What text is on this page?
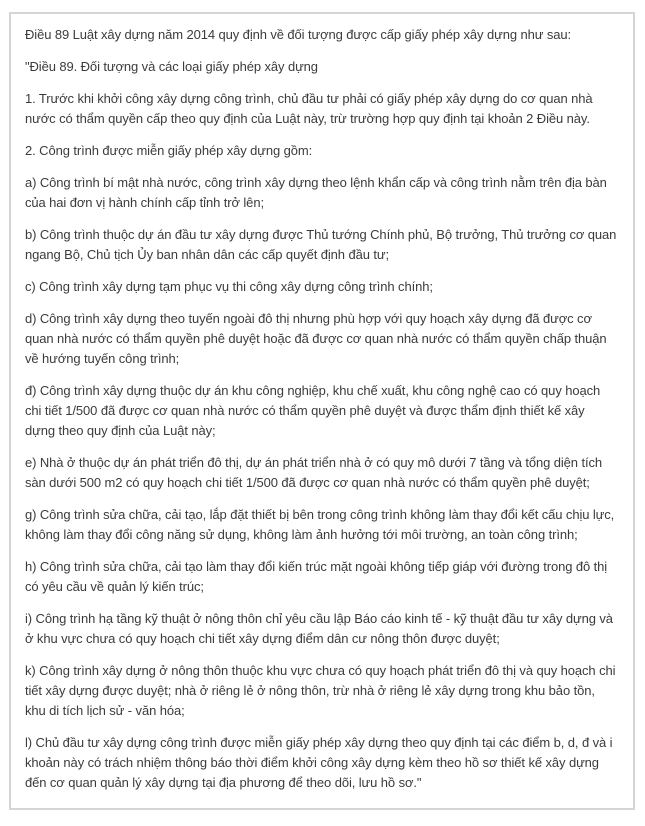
Điều 89 Luật xây dựng năm 2014 quy định về đối tượng được cấp giấy phép xây dựng như sau:

"Điều 89. Đối tượng và các loại giấy phép xây dựng

1. Trước khi khởi công xây dựng công trình, chủ đầu tư phải có giấy phép xây dựng do cơ quan nhà nước có thẩm quyền cấp theo quy định của Luật này, trừ trường hợp quy định tại khoản 2 Điều này.

2. Công trình được miễn giấy phép xây dựng gồm:

a) Công trình bí mật nhà nước, công trình xây dựng theo lệnh khẩn cấp và công trình nằm trên địa bàn của hai đơn vị hành chính cấp tỉnh trở lên;

b) Công trình thuộc dự án đầu tư xây dựng được Thủ tướng Chính phủ, Bộ trưởng, Thủ trưởng cơ quan ngang Bộ, Chủ tịch Ủy ban nhân dân các cấp quyết định đầu tư;

c) Công trình xây dựng tạm phục vụ thi công xây dựng công trình chính;

d) Công trình xây dựng theo tuyến ngoài đô thị nhưng phù hợp với quy hoạch xây dựng đã được cơ quan nhà nước có thẩm quyền phê duyệt hoặc đã được cơ quan nhà nước có thẩm quyền chấp thuận về hướng tuyến công trình;

đ) Công trình xây dựng thuộc dự án khu công nghiệp, khu chế xuất, khu công nghệ cao có quy hoạch chi tiết 1/500 đã được cơ quan nhà nước có thẩm quyền phê duyệt và được thẩm định thiết kế xây dựng theo quy định của Luật này;

e) Nhà ở thuộc dự án phát triển đô thị, dự án phát triển nhà ở có quy mô dưới 7 tầng và tổng diện tích sàn dưới 500 m2 có quy hoạch chi tiết 1/500 đã được cơ quan nhà nước có thẩm quyền phê duyệt;

g) Công trình sửa chữa, cải tạo, lắp đặt thiết bị bên trong công trình không làm thay đổi kết cấu chịu lực, không làm thay đổi công năng sử dụng, không làm ảnh hưởng tới môi trường, an toàn công trình;

h) Công trình sửa chữa, cải tạo làm thay đổi kiến trúc mặt ngoài không tiếp giáp với đường trong đô thị có yêu cầu về quản lý kiến trúc;

i) Công trình hạ tầng kỹ thuật ở nông thôn chỉ yêu cầu lập Báo cáo kinh tế - kỹ thuật đầu tư xây dựng và ở khu vực chưa có quy hoạch chi tiết xây dựng điểm dân cư nông thôn được duyệt;

k) Công trình xây dựng ở nông thôn thuộc khu vực chưa có quy hoạch phát triển đô thị và quy hoạch chi tiết xây dựng được duyệt; nhà ở riêng lẻ ở nông thôn, trừ nhà ở riêng lẻ xây dựng trong khu bảo tồn, khu di tích lịch sử - văn hóa;

l) Chủ đầu tư xây dựng công trình được miễn giấy phép xây dựng theo quy định tại các điểm b, d, đ và i khoản này có trách nhiệm thông báo thời điểm khởi công xây dựng kèm theo hồ sơ thiết kế xây dựng đến cơ quan quản lý xây dựng tại địa phương để theo dõi, lưu hồ sơ."
